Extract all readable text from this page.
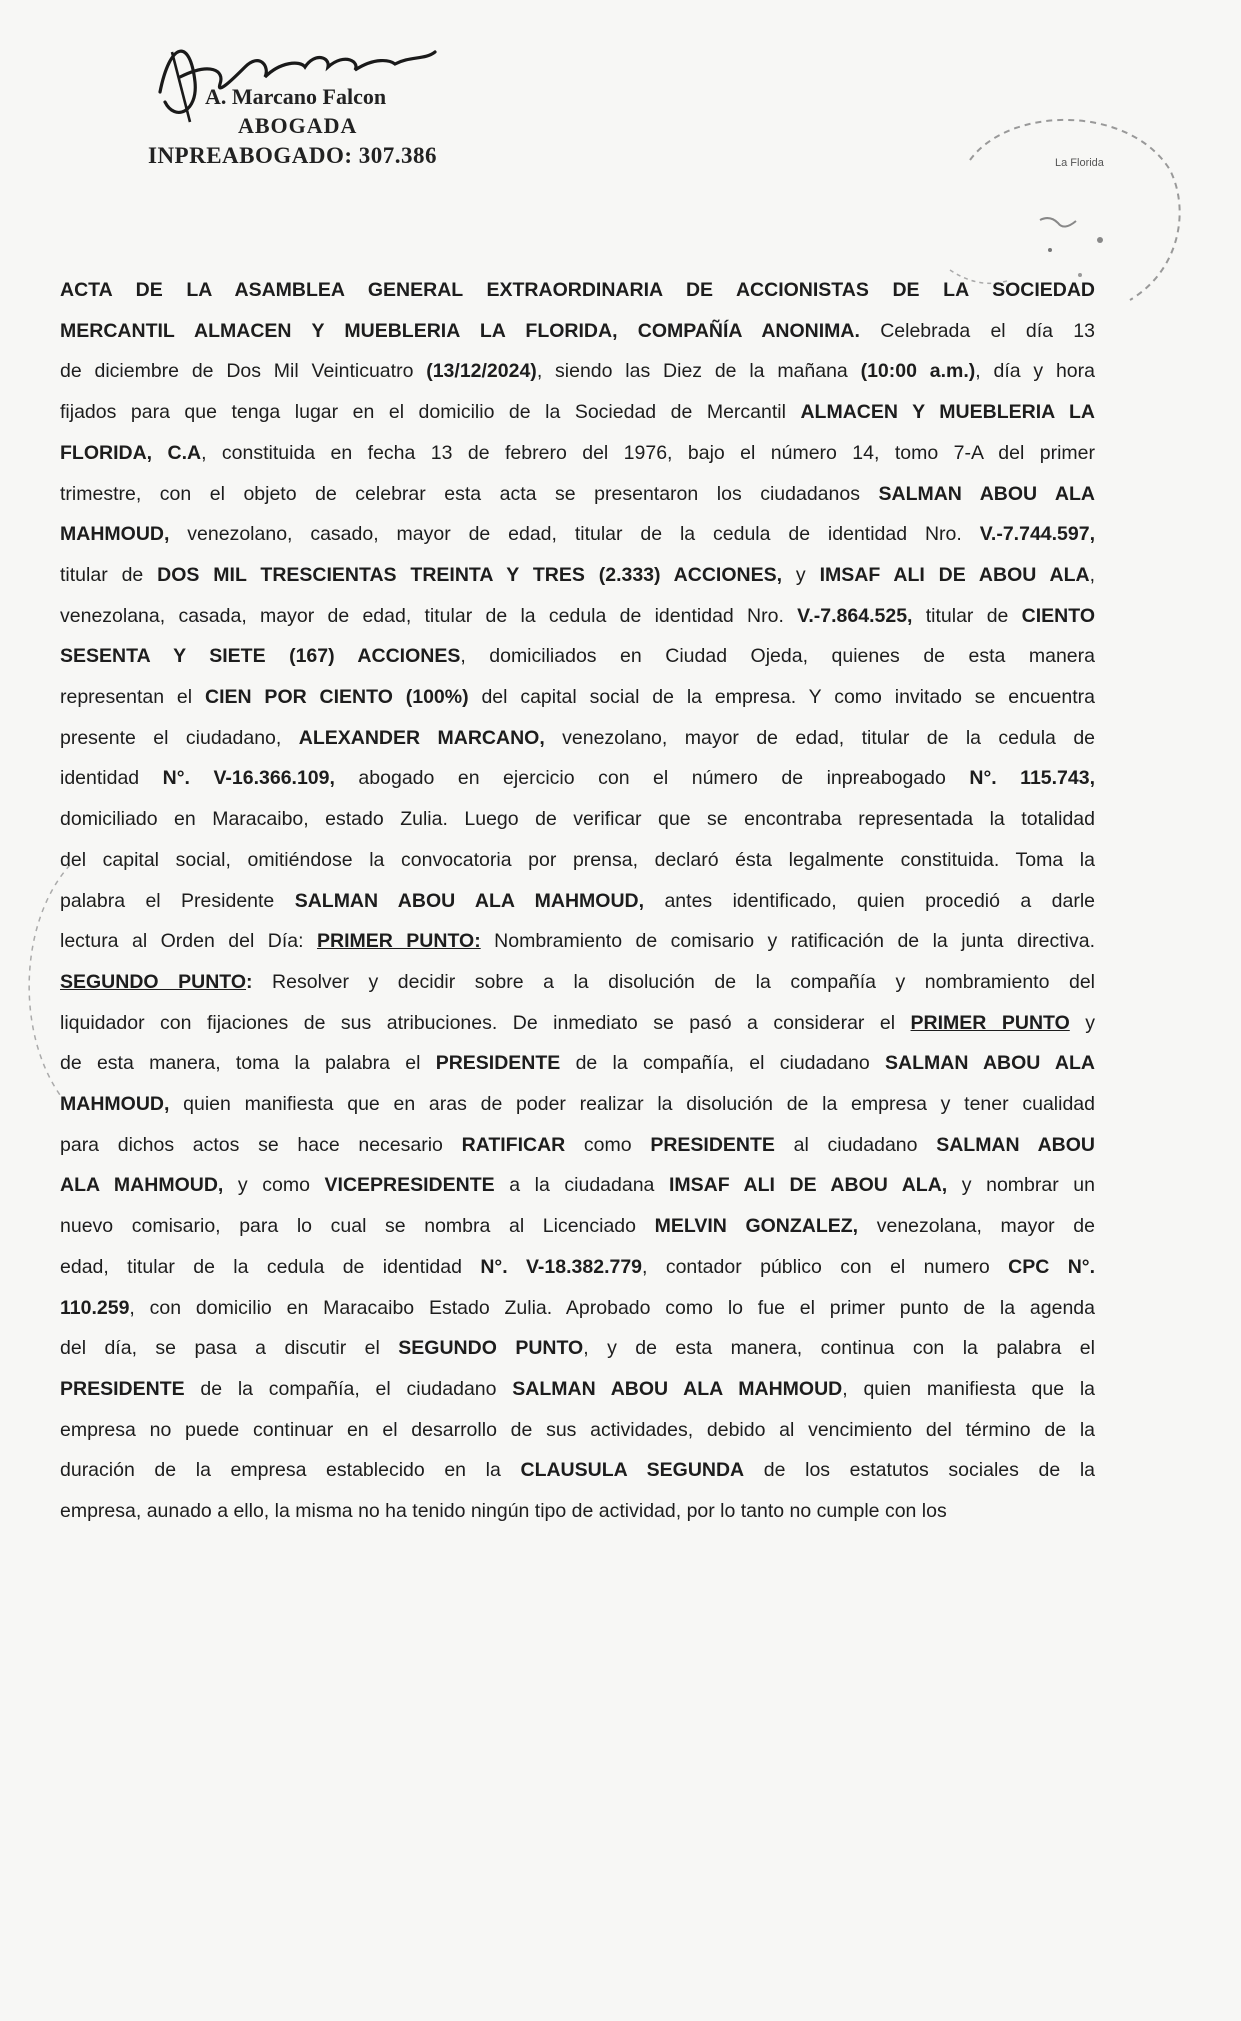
A. Marcano Falcon
ABOGADA
INPREABOGADO: 307.386	La Florida
ACTA DE LA ASAMBLEA GENERAL EXTRAORDINARIA DE ACCIONISTAS DE LA SOCIEDAD
MERCANTIL ALMACEN Y MUEBLERIA LA FLORIDA, COMPAÑÍA ANONIMA. Celebrada el día 13
de diciembre de Dos Mil Veinticuatro (13/12/2024), siendo las Diez de la mañana (10:00 a.m.), día y hora
fijados para que tenga lugar en el domicilio de la Sociedad de Mercantil ALMACEN Y MUEBLERIA LA
FLORIDA, C.A, constituida en fecha 13 de febrero del 1976, bajo el número 14, tomo 7-A del primer
trimestre, con el objeto de celebrar esta acta se presentaron los ciudadanos SALMAN ABOU ALA
MAHMOUD, venezolano, casado, mayor de edad, titular de la cedula de identidad Nro. V.-7.744.597,
titular de DOS MIL TRESCIENTAS TREINTA Y TRES (2.333) ACCIONES, y IMSAF ALI DE ABOU ALA,
venezolana, casada, mayor de edad, titular de la cedula de identidad Nro. V.-7.864.525, titular de CIENTO
SESENTA Y SIETE (167) ACCIONES, domiciliados en Ciudad Ojeda, quienes de esta manera
representan el CIEN POR CIENTO (100%) del capital social de la empresa. Y como invitado se encuentra
presente el ciudadano, ALEXANDER MARCANO, venezolano, mayor de edad, titular de la cedula de
identidad N°. V-16.366.109, abogado en ejercicio con el número de inpreabogado N°. 115.743,
domiciliado en Maracaibo, estado Zulia. Luego de verificar que se encontraba representada la totalidad
del capital social, omitiéndose la convocatoria por prensa, declaró ésta legalmente constituida. Toma la
palabra el Presidente SALMAN ABOU ALA MAHMOUD, antes identificado, quien procedió a darle
lectura al Orden del Día: PRIMER PUNTO: Nombramiento de comisario y ratificación de la junta directiva.
SEGUNDO PUNTO: Resolver y decidir sobre a la disolución de la compañía y nombramiento del
liquidador con fijaciones de sus atribuciones. De inmediato se pasó a considerar el PRIMER PUNTO y
de esta manera, toma la palabra el PRESIDENTE de la compañía, el ciudadano SALMAN ABOU ALA
MAHMOUD, quien manifiesta que en aras de poder realizar la disolución de la empresa y tener cualidad
para dichos actos se hace necesario RATIFICAR como PRESIDENTE al ciudadano SALMAN ABOU
ALA MAHMOUD, y como VICEPRESIDENTE a la ciudadana IMSAF ALI DE ABOU ALA, y nombrar un
nuevo comisario, para lo cual se nombra al Licenciado MELVIN GONZALEZ, venezolana, mayor de
edad, titular de la cedula de identidad N°. V-18.382.779, contador público con el numero CPC N°.
110.259, con domicilio en Maracaibo Estado Zulia. Aprobado como lo fue el primer punto de la agenda
del día, se pasa a discutir el SEGUNDO PUNTO, y de esta manera, continua con la palabra el
PRESIDENTE de la compañía, el ciudadano SALMAN ABOU ALA MAHMOUD, quien manifiesta que la
empresa no puede continuar en el desarrollo de sus actividades, debido al vencimiento del término de la
duración de la empresa establecido en la CLAUSULA SEGUNDA de los estatutos sociales de la
empresa, aunado a ello, la misma no ha tenido ningún tipo de actividad, por lo tanto no cumple con los
